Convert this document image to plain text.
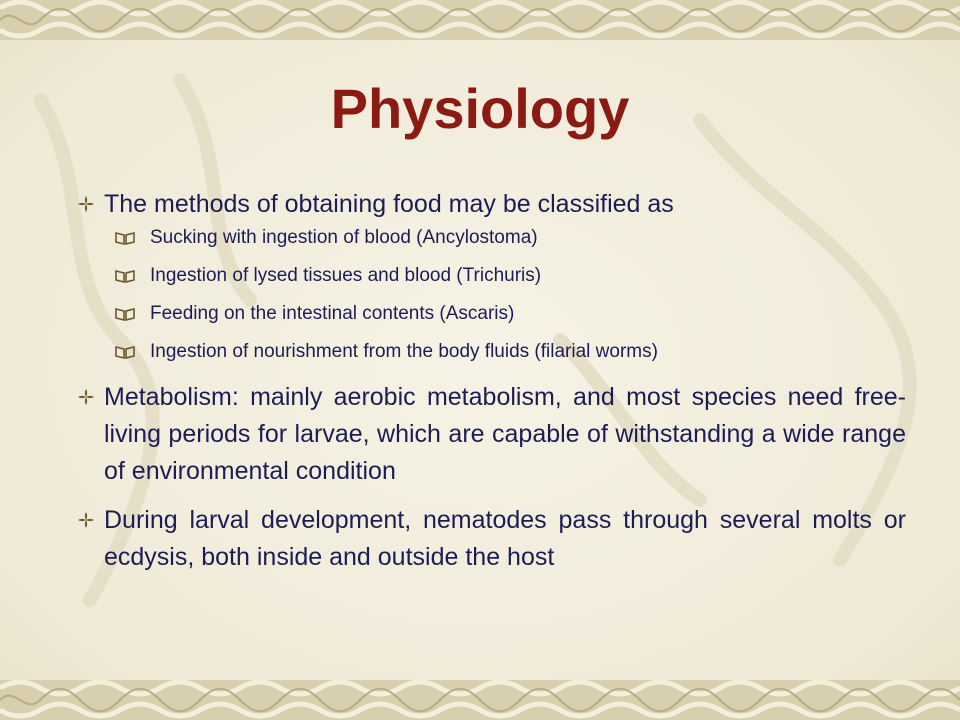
Physiology
The methods of obtaining food may be classified as
Sucking with ingestion of blood (Ancylostoma)
Ingestion of lysed tissues and blood (Trichuris)
Feeding on the intestinal contents (Ascaris)
Ingestion of nourishment from the body fluids (filarial worms)
Metabolism: mainly aerobic metabolism, and most species need free-living periods for larvae, which are capable of withstanding a wide range of environmental condition
During larval development, nematodes pass through several molts or ecdysis, both inside and outside the host
